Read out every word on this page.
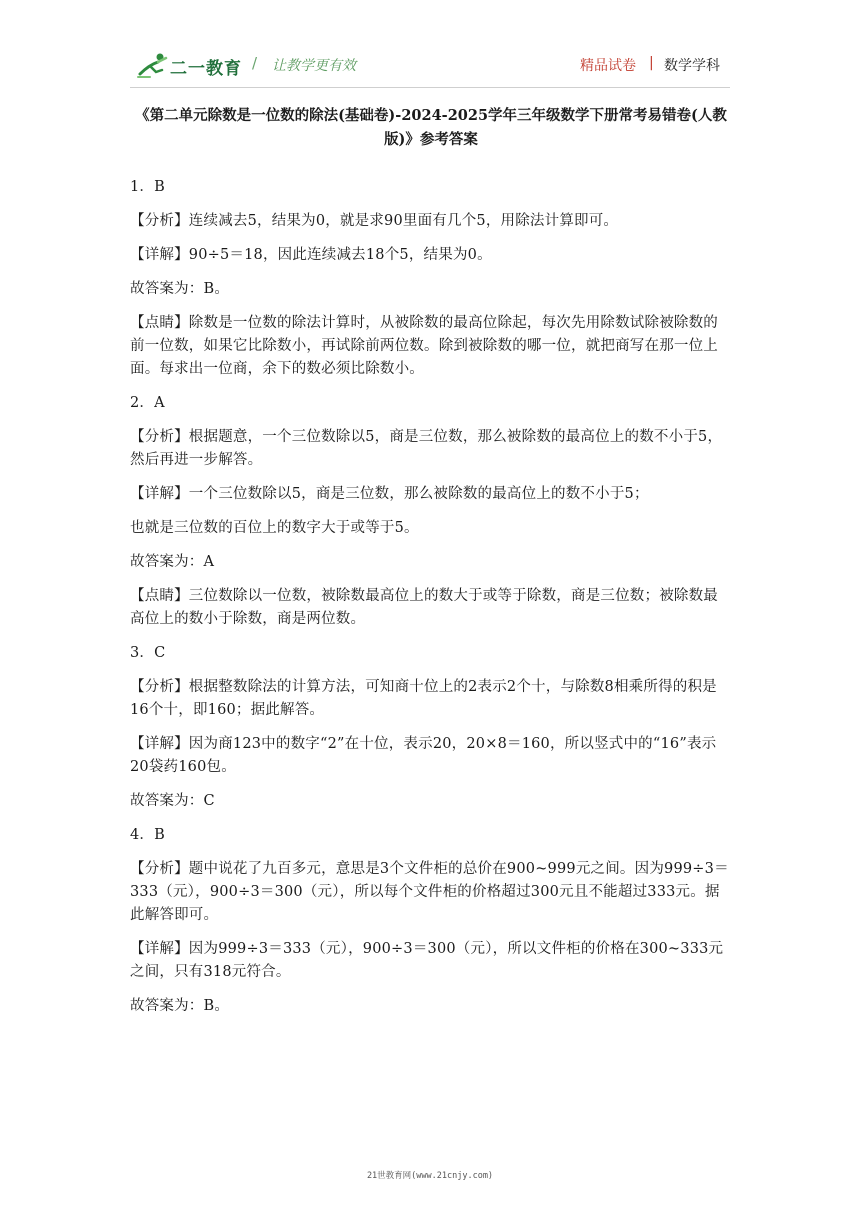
二一教育 / 让教学更有效	精品试卷 | 数学学科
《第二单元除数是一位数的除法(基础卷)-2024-2025学年三年级数学下册常考易错卷(人教版)》参考答案
1．B
【分析】连续减去5，结果为0，就是求90里面有几个5，用除法计算即可。
【详解】90÷5＝18，因此连续减去18个5，结果为0。
故答案为：B。
【点睛】除数是一位数的除法计算时，从被除数的最高位除起，每次先用除数试除被除数的前一位数，如果它比除数小，再试除前两位数。除到被除数的哪一位，就把商写在那一位上面。每求出一位商，余下的数必须比除数小。
2．A
【分析】根据题意，一个三位数除以5，商是三位数，那么被除数的最高位上的数不小于5，然后再进一步解答。
【详解】一个三位数除以5，商是三位数，那么被除数的最高位上的数不小于5；
也就是三位数的百位上的数字大于或等于5。
故答案为：A
【点睛】三位数除以一位数，被除数最高位上的数大于或等于除数，商是三位数；被除数最高位上的数小于除数，商是两位数。
3．C
【分析】根据整数除法的计算方法，可知商十位上的2表示2个十，与除数8相乘所得的积是16个十，即160；据此解答。
【详解】因为商123中的数字“2”在十位，表示20，20×8＝160，所以竖式中的“16”表示20袋药160包。
故答案为：C
4．B
【分析】题中说花了九百多元，意思是3个文件柜的总价在900~999元之间。因为999÷3＝333（元），900÷3＝300（元），所以每个文件柜的价格超过300元且不能超过333元。据此解答即可。
【详解】因为999÷3＝333（元），900÷3＝300（元），所以文件柜的价格在300~333元之间，只有318元符合。
故答案为：B。
21世教育网(www.21cnjy.com)
